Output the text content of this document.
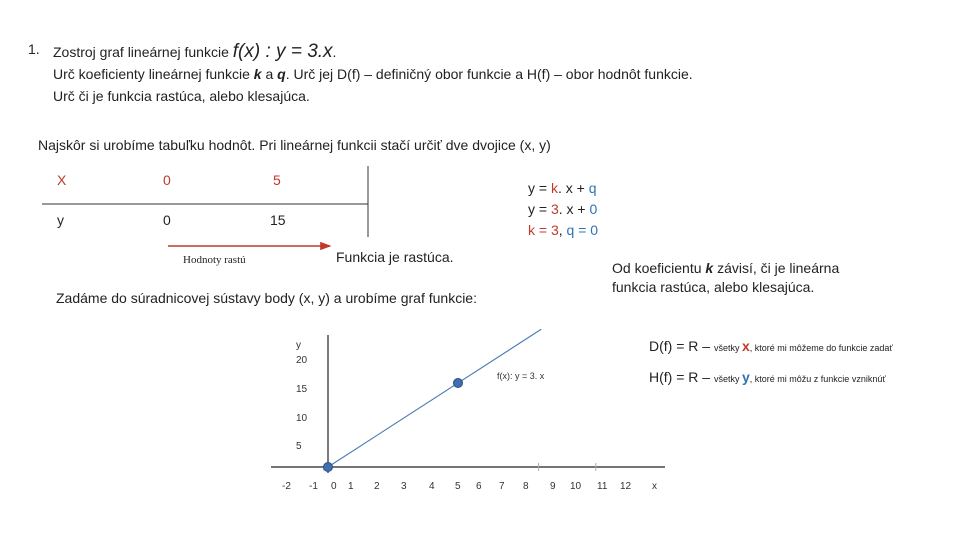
1. Zostroj graf lineárnej funkcie f(x) : y = 3.x.
Urč koeficienty lineárnej funkcie k a q. Urč jej D(f) – definičný obor funkcie a H(f) – obor hodnôt funkcie.
Urč či je funkcia rastúca, alebo klesajúca.
Najskôr si urobíme tabuľku hodnôt. Pri lineárnej funkcii stačí určiť dve dvojice (x, y)
X	0	5
y	0	15
y = k. x + q
y = 3. x + 0
k = 3, q = 0
Hodnoty rastú	Funkcia je rastúca.
Od koeficientu k závisí, či je lineárna
funkcia rastúca, alebo klesajúca.
Zadáme do súradnicovej sústavy body (x, y) a urobíme graf funkcie:
D(f) = R – všetky x, ktoré mi môžeme do funkcie zadať
H(f) = R – všetky y, ktoré mi môžu z funkcie vzniknúť
-2 -1 0 1 2 3 4 5 6 7 8 9 10 11 12 x
5
10
15
20
y
f(x): y = 3. x
